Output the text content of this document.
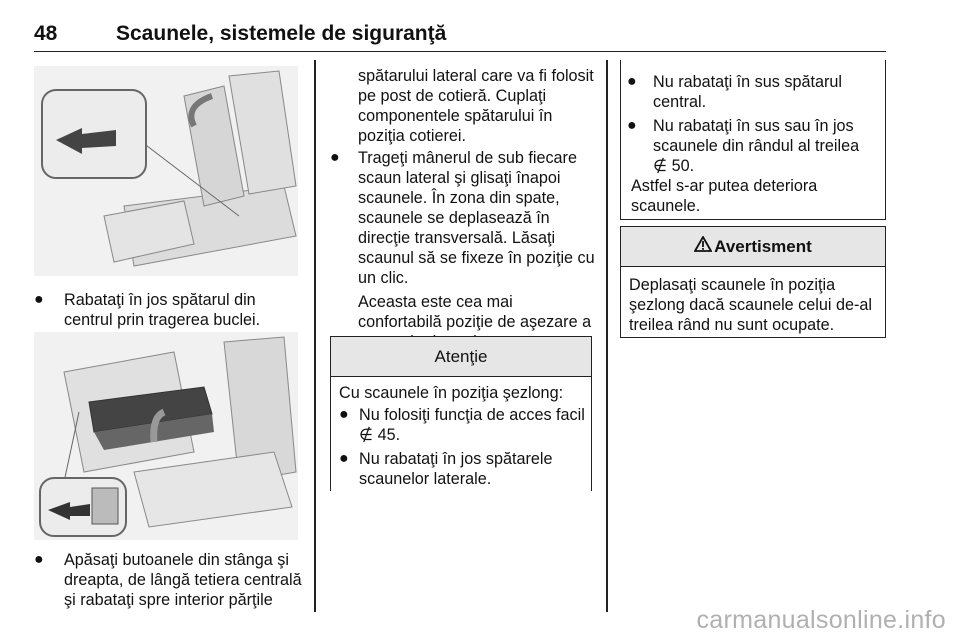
48	Scaunele, sistemele de siguranţă
● Rabataţi în jos spătarul din
centrul prin tragerea buclei.
● Apăsaţi butoanele din stânga şi
dreapta, de lângă tetiera centrală
şi rabataţi spre interior părţile
spătarului lateral care va fi folosit
pe post de cotieră. Cuplaţi
componentele spătarului în
poziţia cotierei.
● Trageţi mânerul de sub fiecare
scaun lateral şi glisaţi înapoi
scaunele. În zona din spate,
scaunele se deplasează în
direcţie transversală. Lăsaţi
scaunul să se fixeze în poziţie cu
un clic.
Aceasta este cea mai
confortabilă poziţie de aşezare a
Atenţie
Cu scaunele în poziţia şezlong:
● Nu folosiţi funcţia de acces facil
∉ 45.
● Nu rabataţi în jos spătarele
scaunelor laterale.
● Nu rabataţi în sus spătarul
central.
● Nu rabataţi în sus sau în jos
scaunele din rândul al treilea
∉ 50.
Astfel s-ar putea deteriora
scaunele.
Avertisment
Deplasaţi scaunele în poziţia
şezlong dacă scaunele celui de-al
treilea rând nu sunt ocupate.
carmanualsonline.info
